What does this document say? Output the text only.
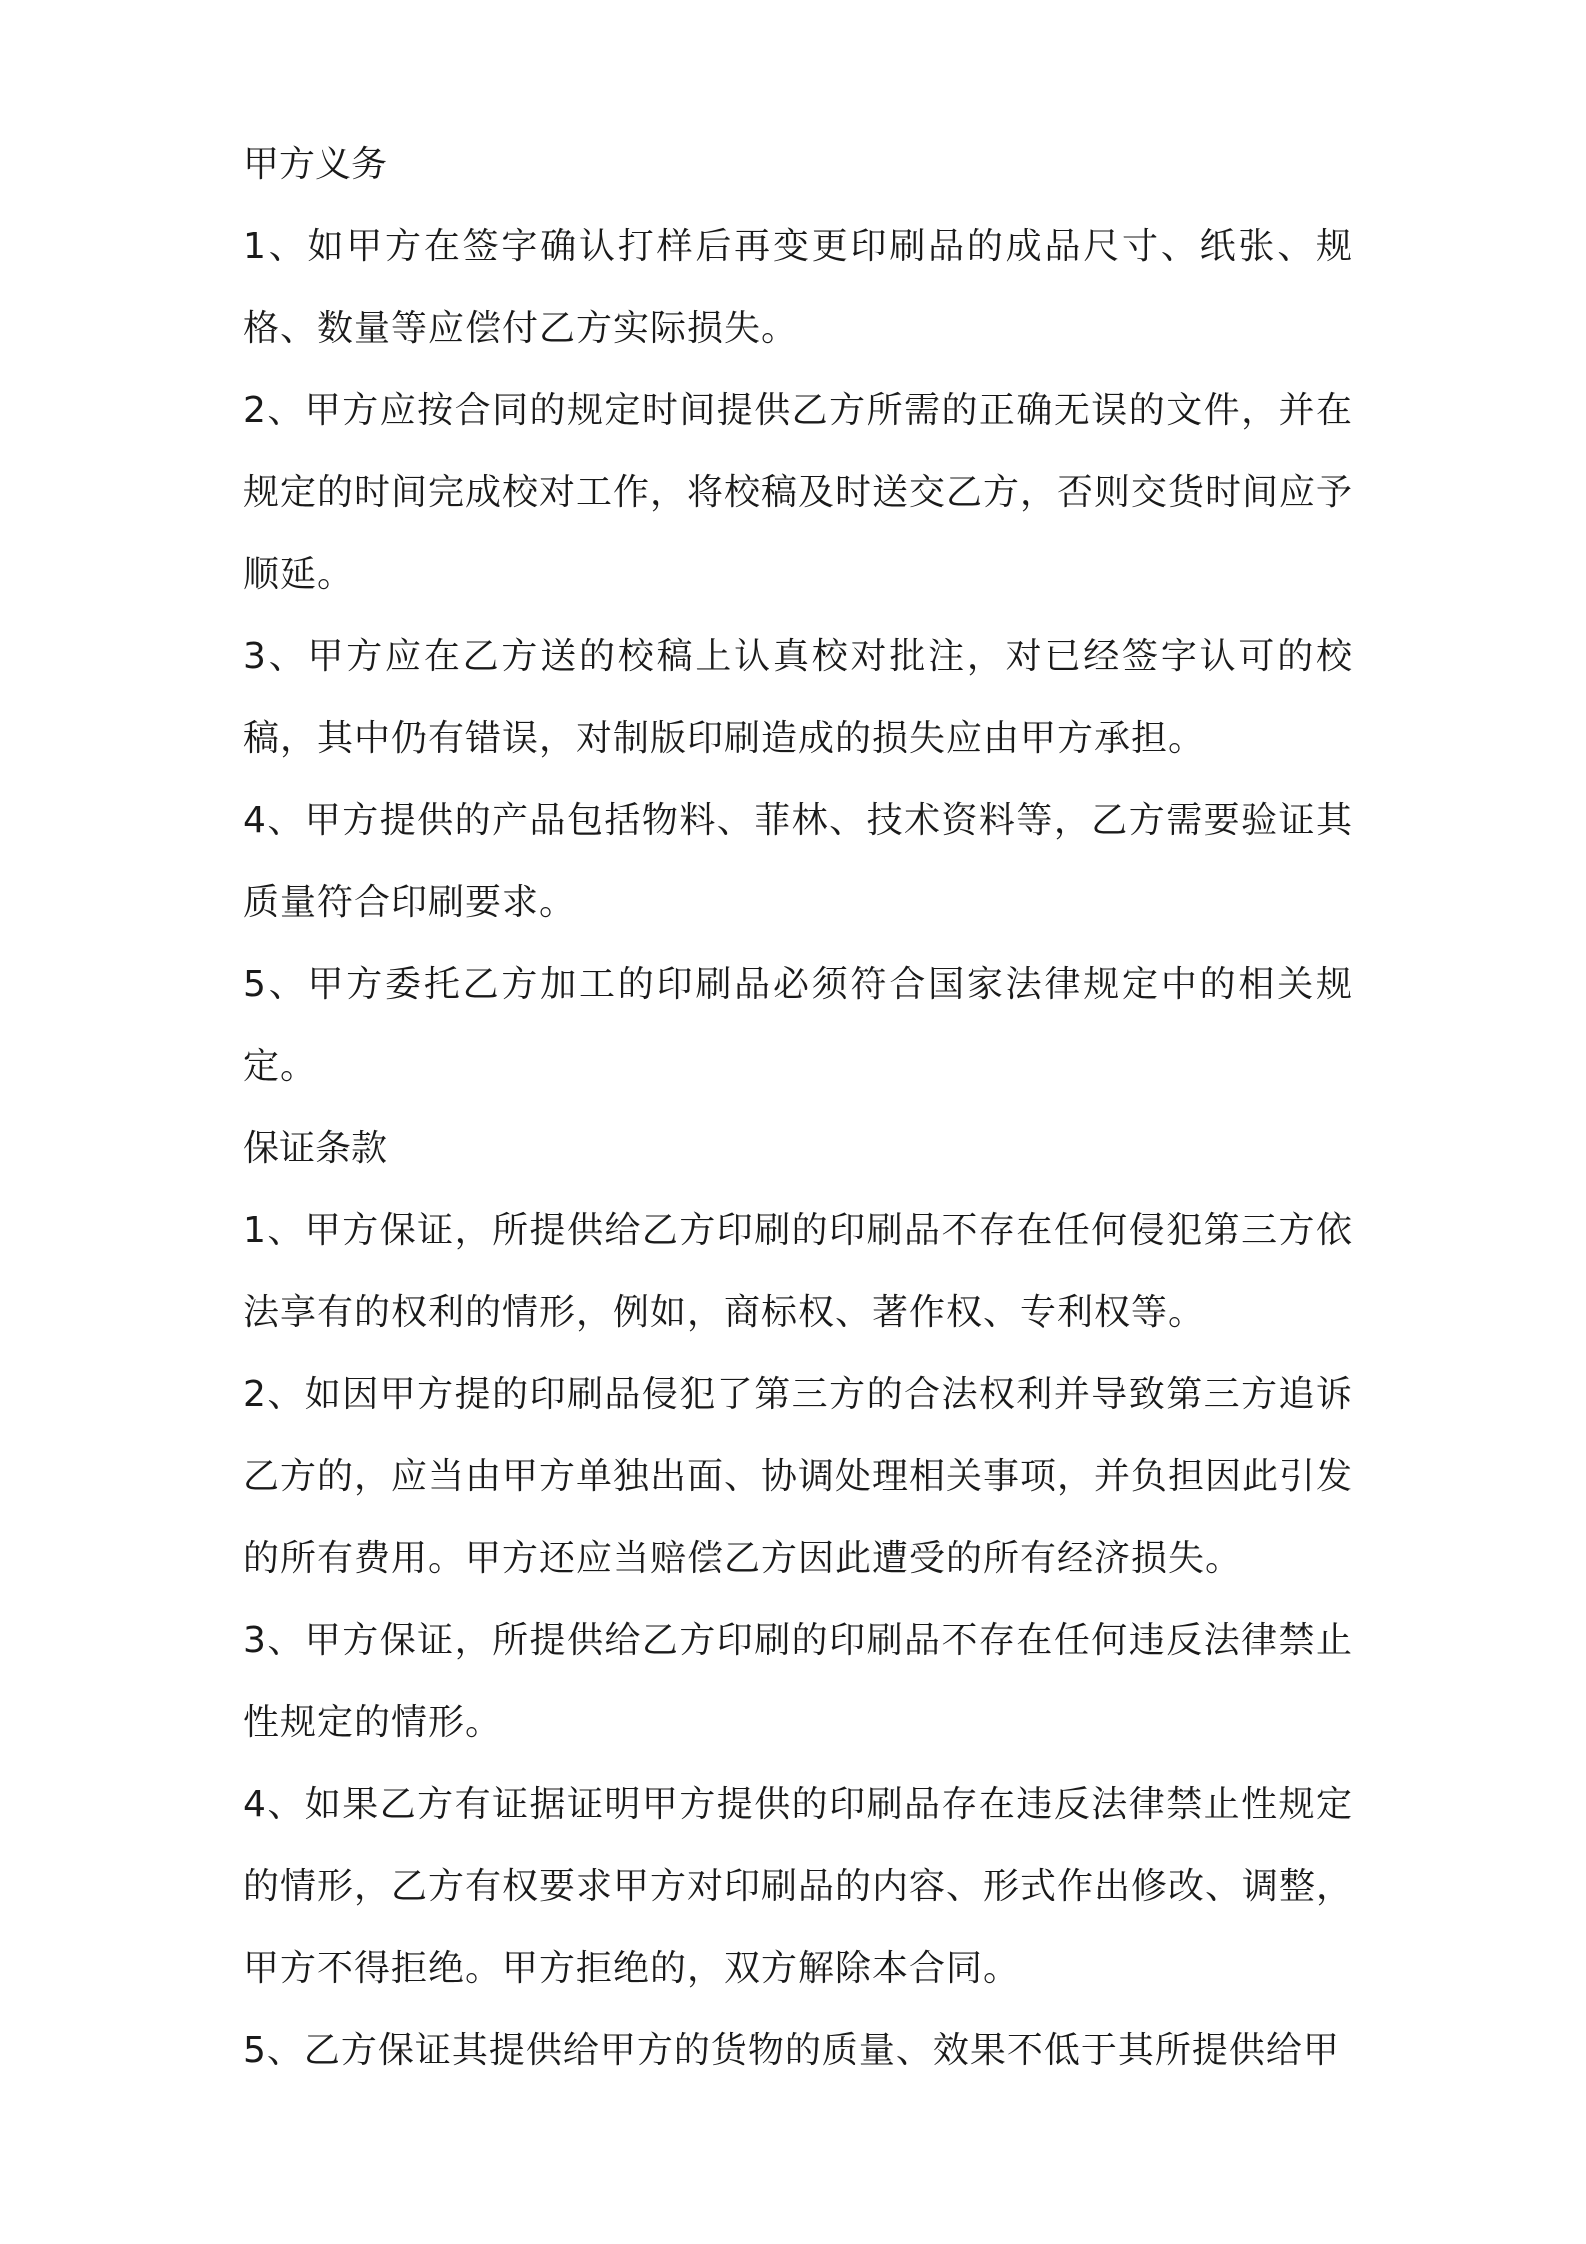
甲方义务
1、如甲方在签字确认打样后再变更印刷品的成品尺寸、纸张、规格、数量等应偿付乙方实际损失。
2、甲方应按合同的规定时间提供乙方所需的正确无误的文件，并在规定的时间完成校对工作，将校稿及时送交乙方，否则交货时间应予顺延。
3、甲方应在乙方送的校稿上认真校对批注，对已经签字认可的校稿，其中仍有错误，对制版印刷造成的损失应由甲方承担。
4、甲方提供的产品包括物料、菲林、技术资料等，乙方需要验证其质量符合印刷要求。
5、甲方委托乙方加工的印刷品必须符合国家法律规定中的相关规定。
保证条款
1、甲方保证，所提供给乙方印刷的印刷品不存在任何侵犯第三方依法享有的权利的情形，例如，商标权、著作权、专利权等。
2、如因甲方提的印刷品侵犯了第三方的合法权利并导致第三方追诉乙方的，应当由甲方单独出面、协调处理相关事项，并负担因此引发的所有费用。甲方还应当赔偿乙方因此遭受的所有经济损失。
3、甲方保证，所提供给乙方印刷的印刷品不存在任何违反法律禁止性规定的情形。
4、如果乙方有证据证明甲方提供的印刷品存在违反法律禁止性规定的情形，乙方有权要求甲方对印刷品的内容、形式作出修改、调整，甲方不得拒绝。甲方拒绝的，双方解除本合同。
5、乙方保证其提供给甲方的货物的质量、效果不低于其所提供给甲
